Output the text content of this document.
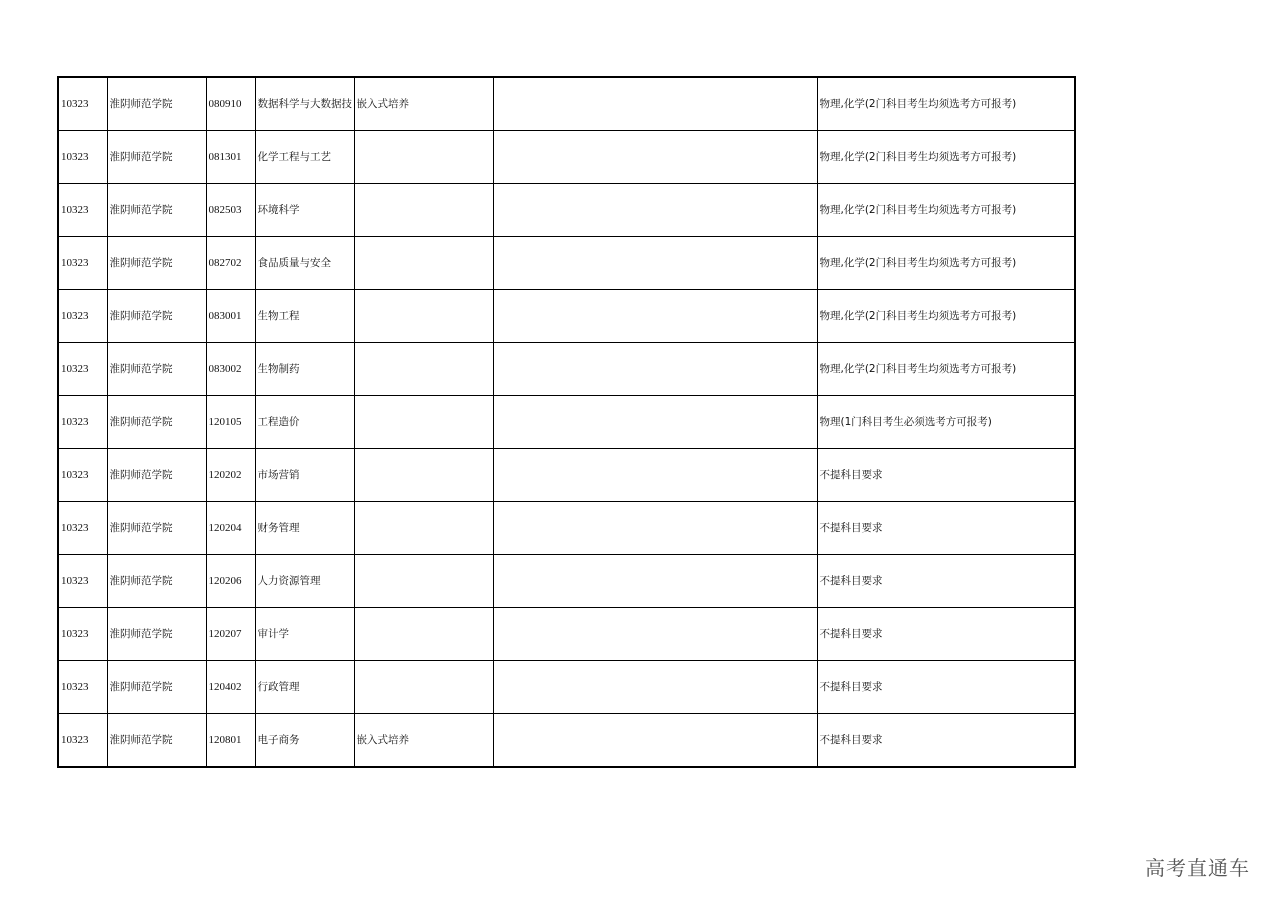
10323	淮阴师范学院	080910	数据科学与大数据技	嵌入式培养		物理,化学(2门科目考生均须选考方可报考)
10323	淮阴师范学院	081301	化学工程与工艺			物理,化学(2门科目考生均须选考方可报考)
10323	淮阴师范学院	082503	环境科学			物理,化学(2门科目考生均须选考方可报考)
10323	淮阴师范学院	082702	食品质量与安全			物理,化学(2门科目考生均须选考方可报考)
10323	淮阴师范学院	083001	生物工程			物理,化学(2门科目考生均须选考方可报考)
10323	淮阴师范学院	083002	生物制药			物理,化学(2门科目考生均须选考方可报考)
10323	淮阴师范学院	120105	工程造价			物理(1门科目考生必须选考方可报考)
10323	淮阴师范学院	120202	市场营销			不提科目要求
10323	淮阴师范学院	120204	财务管理			不提科目要求
10323	淮阴师范学院	120206	人力资源管理			不提科目要求
10323	淮阴师范学院	120207	审计学			不提科目要求
10323	淮阴师范学院	120402	行政管理			不提科目要求
10323	淮阴师范学院	120801	电子商务	嵌入式培养		不提科目要求
高考直通车
